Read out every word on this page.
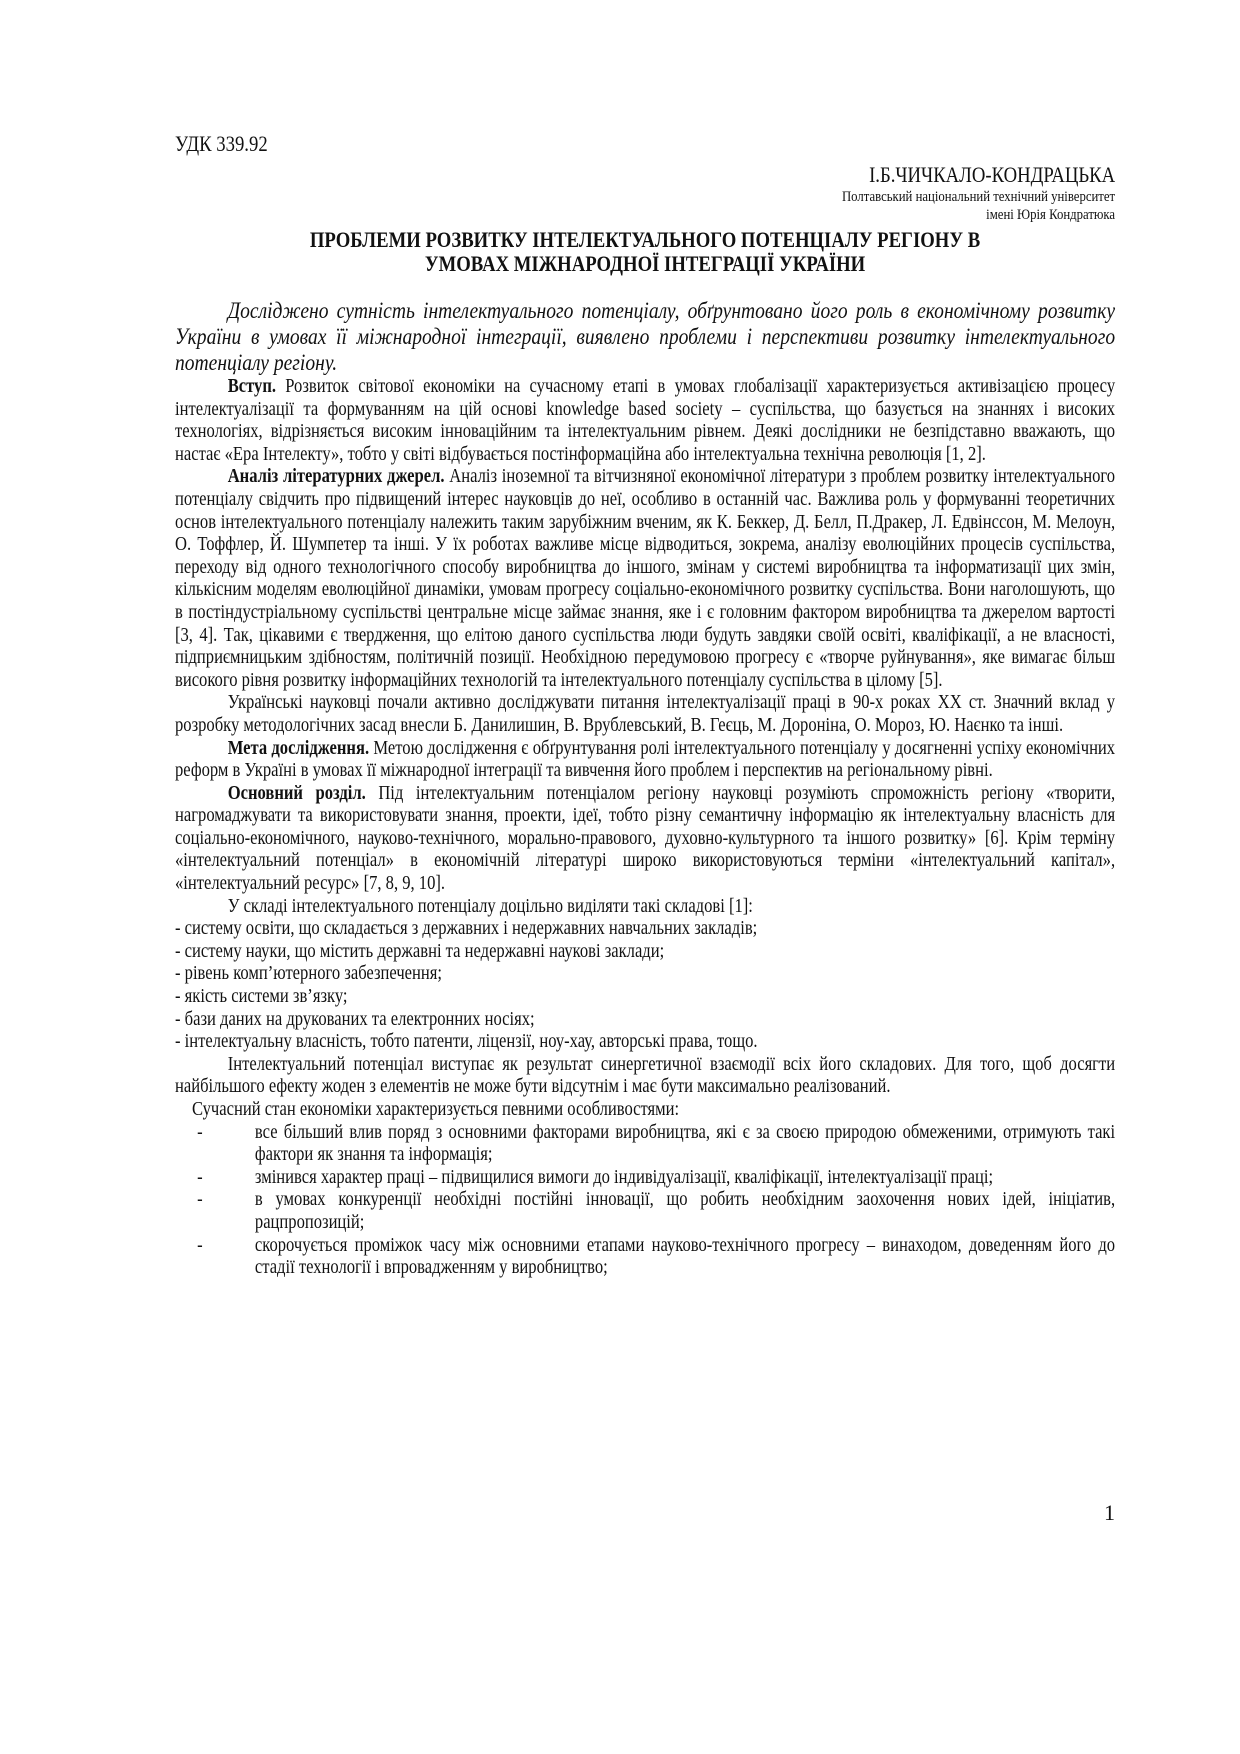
УДК 339.92
І.Б.ЧИЧКАЛО-КОНДРАЦЬКА
Полтавський національний технічний університет
імені Юрія Кондратюка
ПРОБЛЕМИ РОЗВИТКУ ІНТЕЛЕКТУАЛЬНОГО ПОТЕНЦІАЛУ РЕГІОНУ В
УМОВАХ МІЖНАРОДНОЇ ІНТЕГРАЦІЇ УКРАЇНИ

Досліджено сутність інтелектуального потенціалу, обґрунтовано його роль в економічному розвитку України в умовах її міжнародної інтеграції, виявлено проблеми і перспективи розвитку інтелектуального потенціалу регіону.

Вступ. Розвиток світової економіки на сучасному етапі в умовах глобалізації характеризується активізацією процесу інтелектуалізації та формуванням на цій основі knowledge based society – суспільства, що базується на знаннях і високих технологіях, відрізняється високим інноваційним та інтелектуальним рівнем. Деякі дослідники не безпідставно вважають, що настає «Ера Інтелекту», тобто у світі відбувається постінформаційна або інтелектуальна технічна революція [1, 2].

Аналіз літературних джерел. Аналіз іноземної та вітчизняної економічної літератури з проблем розвитку інтелектуального потенціалу свідчить про підвищений інтерес науковців до неї, особливо в останній час. Важлива роль у формуванні теоретичних основ інтелектуального потенціалу належить таким зарубіжним вченим, як К. Беккер, Д. Белл, П.Дракер, Л. Едвінссон, М. Мелоун, О. Тоффлер, Й. Шумпетер та інші. У їх роботах важливе місце відводиться, зокрема, аналізу еволюційних процесів суспільства, переходу від одного технологічного способу виробництва до іншого, змінам у системі виробництва та інформатизації цих змін, кількісним моделям еволюційної динаміки, умовам прогресу соціально-економічного розвитку суспільства. Вони наголошують, що в постіндустріальному суспільстві центральне місце займає знання, яке і є головним фактором виробництва та джерелом вартості [3, 4]. Так, цікавими є твердження, що елітою даного суспільства люди будуть завдяки своїй освіті, кваліфікації, а не власності, підприємницьким здібностям, політичній позиції. Необхідною передумовою прогресу є «творче руйнування», яке вимагає більш високого рівня розвитку інформаційних технологій та інтелектуального потенціалу суспільства в цілому [5].

Українські науковці почали активно досліджувати питання інтелектуалізації праці в 90-х роках XX ст. Значний вклад у розробку методологічних засад внесли Б. Данилишин, В. Врублевський, В. Геєць, М. Дороніна, О. Мороз, Ю. Наєнко та інші.

Мета дослідження. Метою дослідження є обґрунтування ролі інтелектуального потенціалу у досягненні успіху економічних реформ в Україні в умовах її міжнародної інтеграції та вивчення його проблем і перспектив на регіональному рівні.

Основний розділ. Під інтелектуальним потенціалом регіону науковці розуміють спроможність регіону «творити, нагромаджувати та використовувати знання, проекти, ідеї, тобто різну семантичну інформацію як інтелектуальну власність для соціально-економічного, науково-технічного, морально-правового, духовно-культурного та іншого розвитку» [6]. Крім терміну «інтелектуальний потенціал» в економічній літературі широко використовуються терміни «інтелектуальний капітал», «інтелектуальний ресурс» [7, 8, 9, 10].

У складі інтелектуального потенціалу доцільно виділяти такі складові [1]:

- систему освіти, що складається з державних і недержавних навчальних закладів;

- систему науки, що містить державні та недержавні наукові заклади;

- рівень комп’ютерного забезпечення;

- якість системи зв’язку;

- бази даних на друкованих та електронних носіях;

- інтелектуальну власність, тобто патенти, ліцензії, ноу-хау, авторські права, тощо.

Інтелектуальний потенціал виступає як результат синергетичної взаємодії всіх його складових. Для того, щоб досягти найбільшого ефекту жоден з елементів не може бути відсутнім і має бути максимально реалізований.

Сучасний стан економіки характеризується певними особливостями:

-	все більший влив поряд з основними факторами виробництва, які є за своєю природою обмеженими, отримують такі фактори як знання та інформація;
-	змінився характер праці – підвищилися вимоги до індивідуалізації, кваліфікації, інтелектуалізації праці;
-	в умовах конкуренції необхідні постійні інновації, що робить необхідним заохочення нових ідей, ініціатив, рацпропозицій;
-	скорочується проміжок часу між основними етапами науково-технічного прогресу – винаходом, доведенням його до стадії технології і впровадженням у виробництво;
1
